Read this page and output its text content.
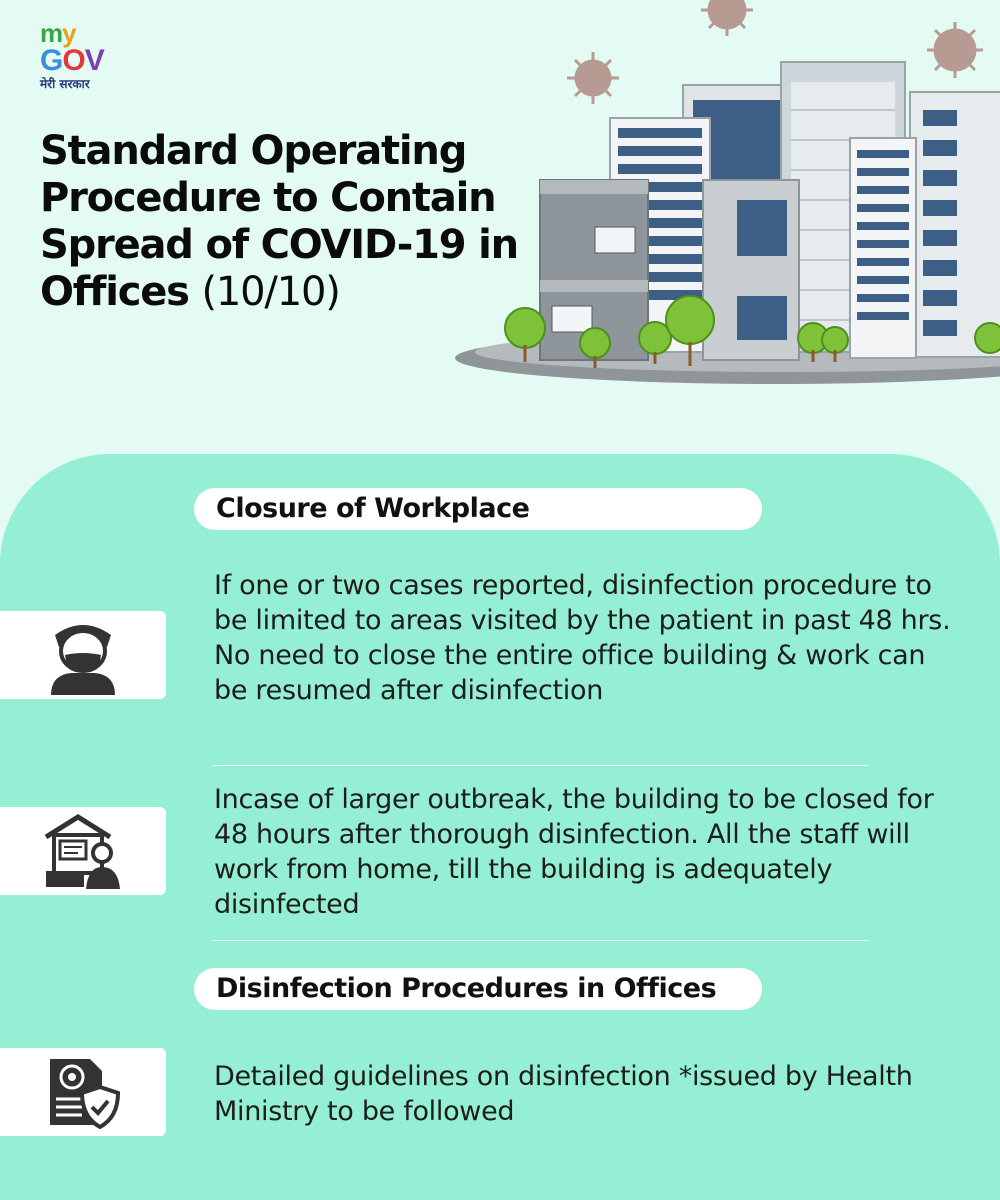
my
GOV
मेरी सरकार
Standard Operating Procedure to Contain Spread of COVID-19 in Offices (10/10)
Closure of Workplace
If one or two cases reported, disinfection procedure to be limited to areas visited by the patient in past 48 hrs. No need to close the entire office building & work can be resumed after disinfection
Incase of larger outbreak, the building to be closed for 48 hours after thorough disinfection. All the staff will work from home, till the building is adequately disinfected
Disinfection Procedures in Offices
Detailed guidelines on disinfection *issued by Health Ministry to be followed
